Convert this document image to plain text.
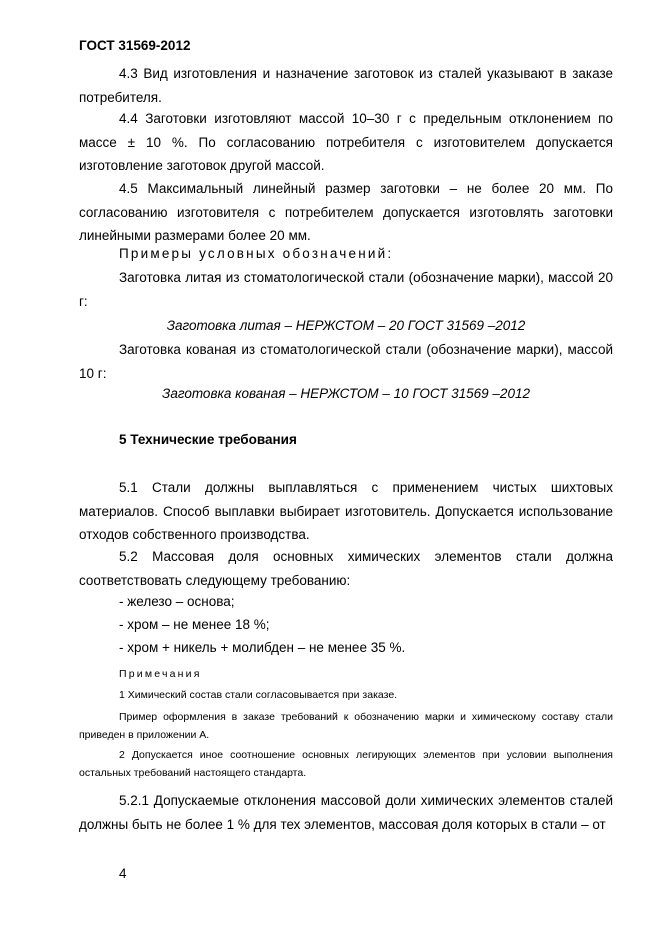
ГОСТ 31569-2012
4.3 Вид изготовления и назначение заготовок из сталей указывают в заказе потребителя.
4.4 Заготовки изготовляют массой 10–30 г с предельным отклонением по массе ± 10 %. По согласованию потребителя с изготовителем допускается изготовление заготовок другой массой.
4.5 Максимальный линейный размер заготовки – не более 20 мм. По согласованию изготовителя с потребителем допускается изготовлять заготовки линейными размерами более 20 мм.
Примеры условных обозначений:
Заготовка литая из стоматологической стали (обозначение марки), массой 20 г:
Заготовка литая – НЕРЖСТОМ – 20 ГОСТ 31569 –2012
Заготовка кованая из стоматологической стали (обозначение марки), массой 10 г:
Заготовка кованая – НЕРЖСТОМ – 10 ГОСТ 31569 –2012
5 Технические требования
5.1 Стали должны выплавляться с применением чистых шихтовых материалов. Способ выплавки выбирает изготовитель. Допускается использование отходов собственного производства.
5.2 Массовая доля основных химических элементов стали должна соответствовать следующему требованию:
- железо – основа;
- хром – не менее 18 %;
- хром + никель + молибден – не менее 35 %.
Примечания
1 Химический состав стали согласовывается при заказе.
Пример оформления в заказе требований к обозначению марки и химическому составу стали приведен в приложении А.
2 Допускается иное соотношение основных легирующих элементов при условии выполнения остальных требований настоящего стандарта.
5.2.1 Допускаемые отклонения массовой доли химических элементов сталей должны быть не более 1 % для тех элементов, массовая доля которых в стали – от
4
